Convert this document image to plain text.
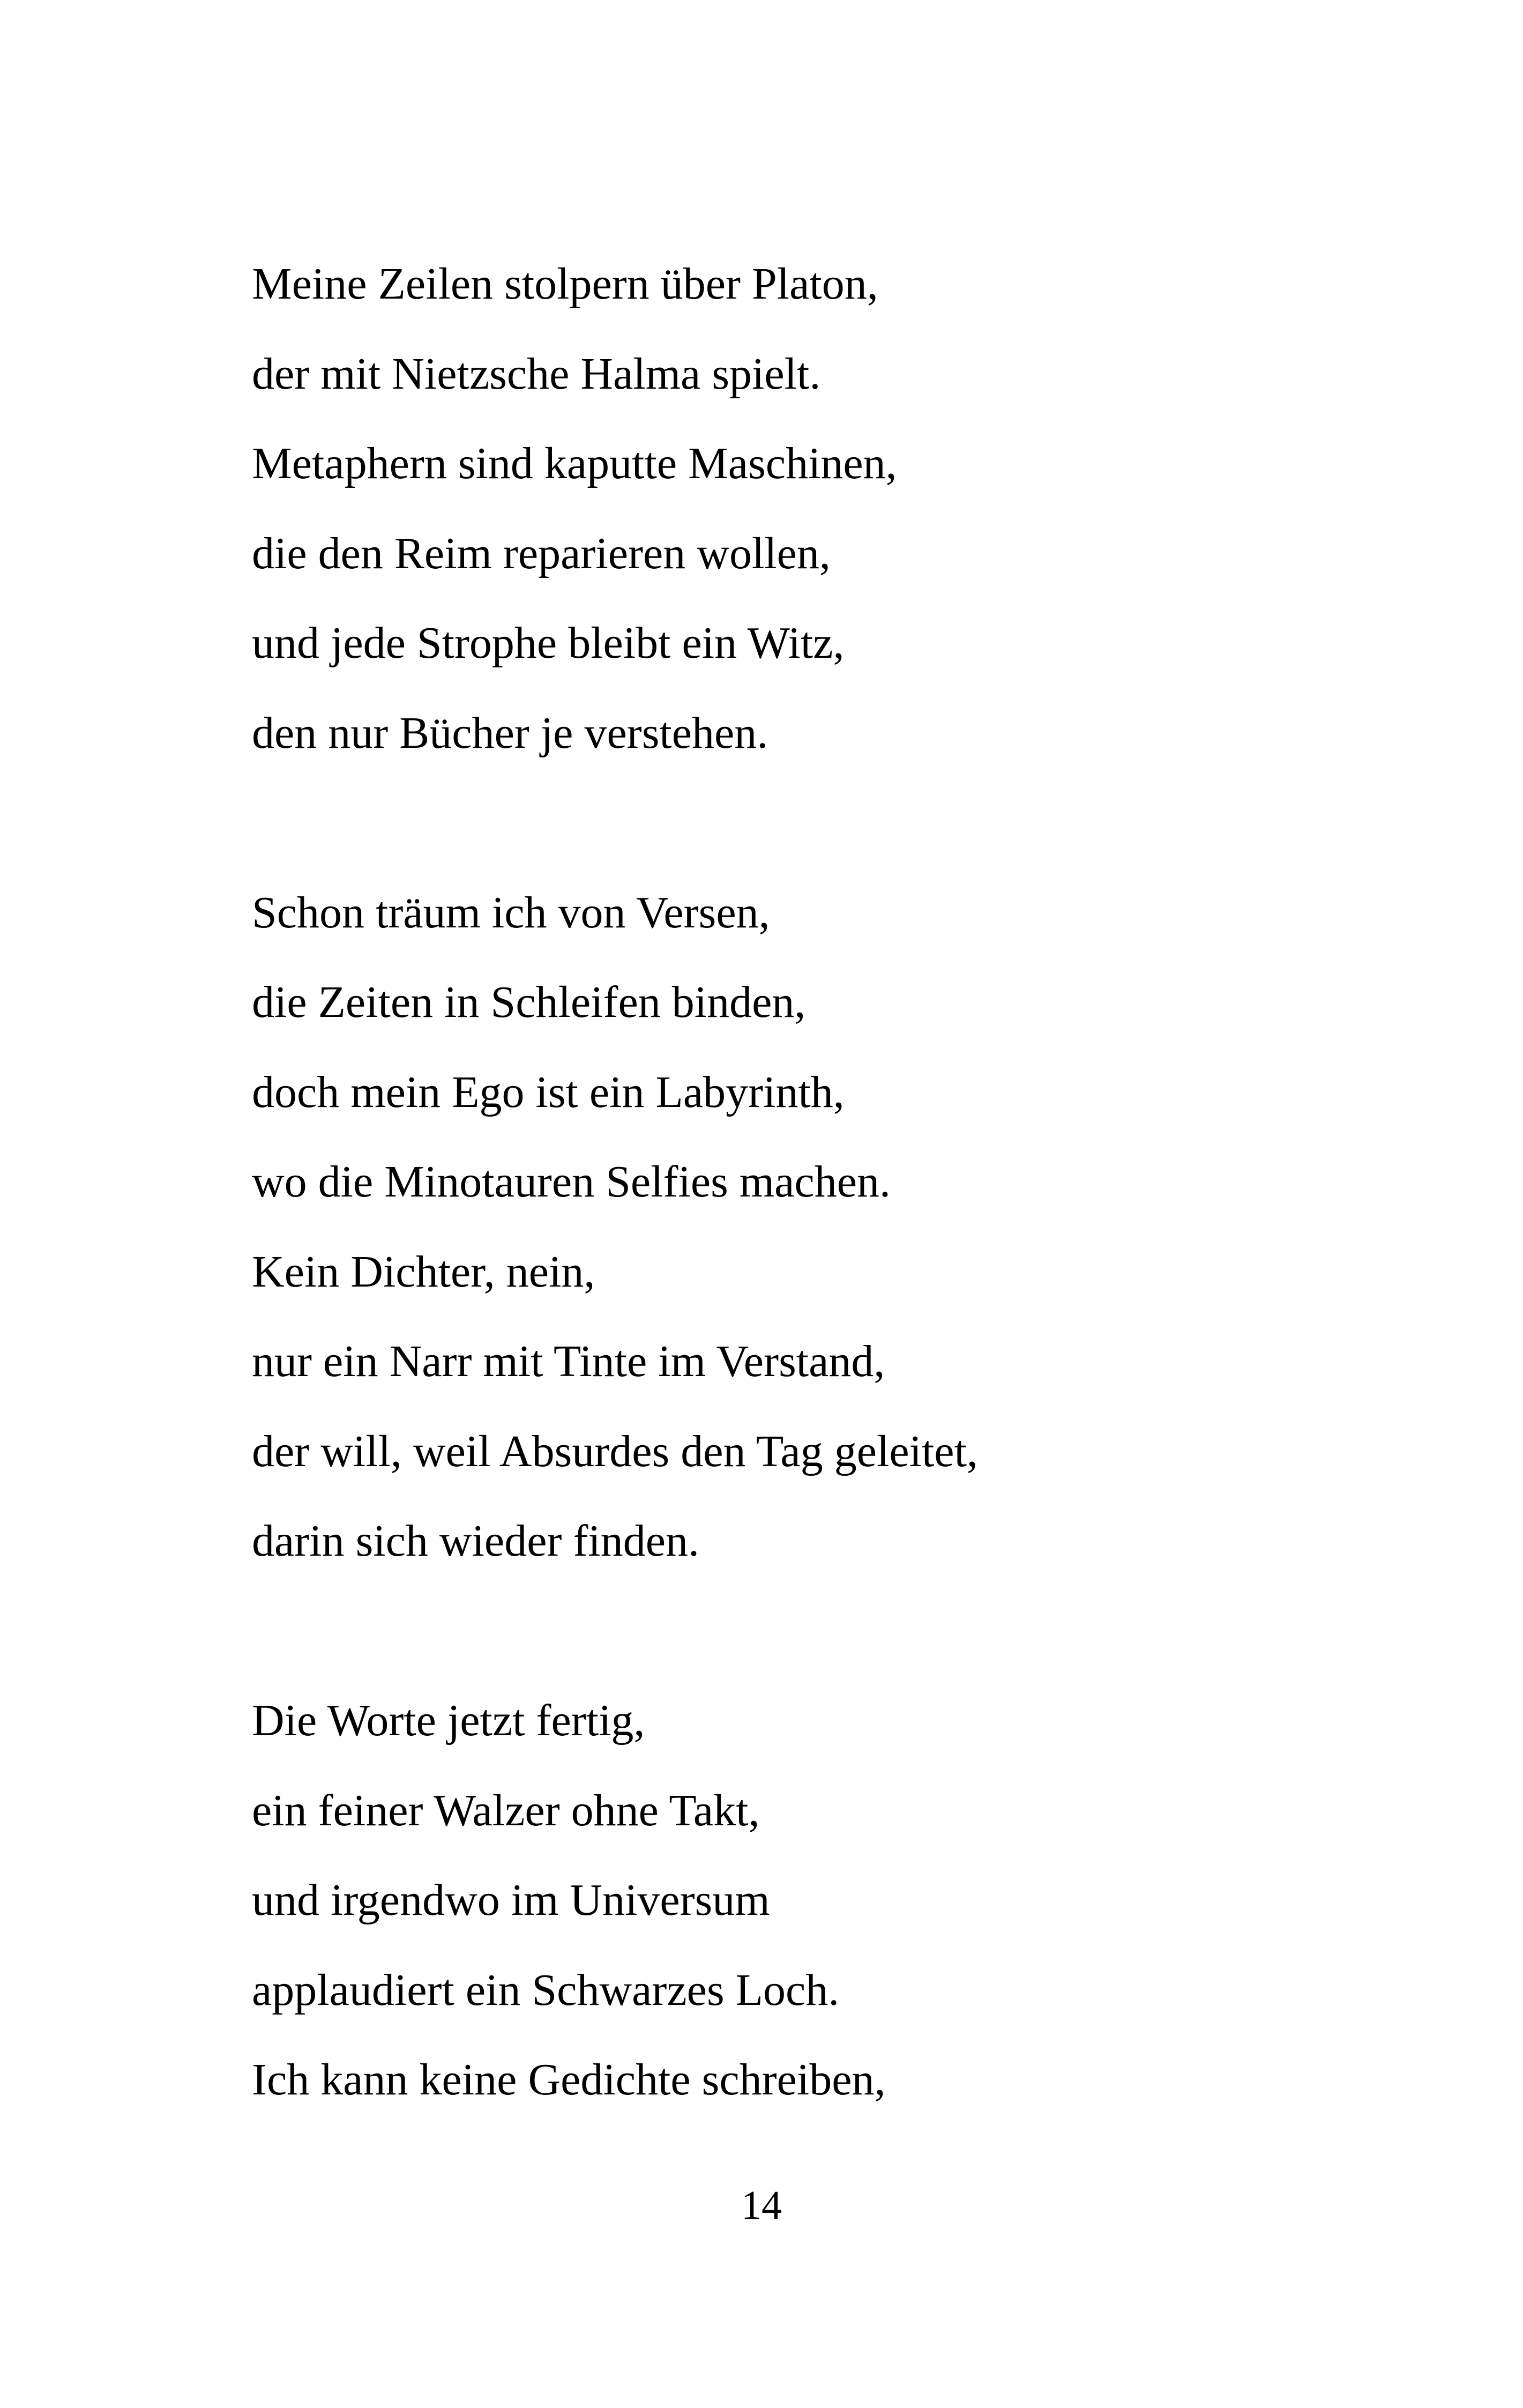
Meine Zeilen stolpern über Platon,
der mit Nietzsche Halma spielt.
Metaphern sind kaputte Maschinen,
die den Reim reparieren wollen,
und jede Strophe bleibt ein Witz,
den nur Bücher je verstehen.
Schon träum ich von Versen,
die Zeiten in Schleifen binden,
doch mein Ego ist ein Labyrinth,
wo die Minotauren Selfies machen.
Kein Dichter, nein,
nur ein Narr mit Tinte im Verstand,
der will, weil Absurdes den Tag geleitet,
darin sich wieder finden.
Die Worte jetzt fertig,
ein feiner Walzer ohne Takt,
und irgendwo im Universum
applaudiert ein Schwarzes Loch.
Ich kann keine Gedichte schreiben,
14
